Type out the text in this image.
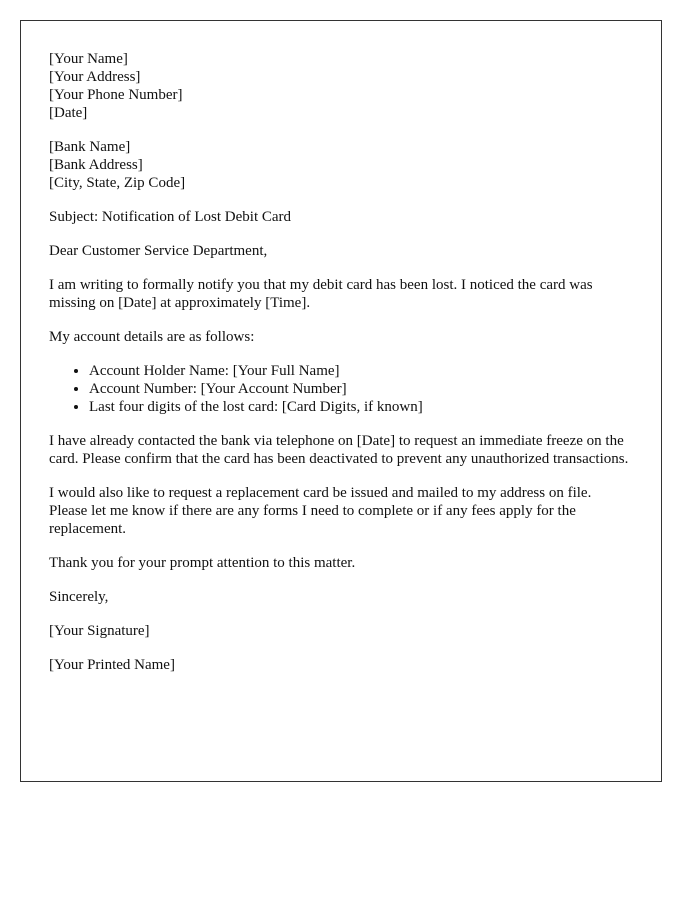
[Your Name]
[Your Address]
[Your Phone Number]
[Date]
[Bank Name]
[Bank Address]
[City, State, Zip Code]

Subject: Notification of Lost Debit Card

Dear Customer Service Department,

I am writing to formally notify you that my debit card has been lost. I noticed the card was missing on [Date] at approximately [Time].

My account details are as follows:

• Account Holder Name: [Your Full Name]
• Account Number: [Your Account Number]
• Last four digits of the lost card: [Card Digits, if known]

I have already contacted the bank via telephone on [Date] to request an immediate freeze on the card. Please confirm that the card has been deactivated to prevent any unauthorized transactions.

I would also like to request a replacement card be issued and mailed to my address on file. Please let me know if there are any forms I need to complete or if any fees apply for the replacement.

Thank you for your prompt attention to this matter.

Sincerely,

[Your Signature]

[Your Printed Name]
